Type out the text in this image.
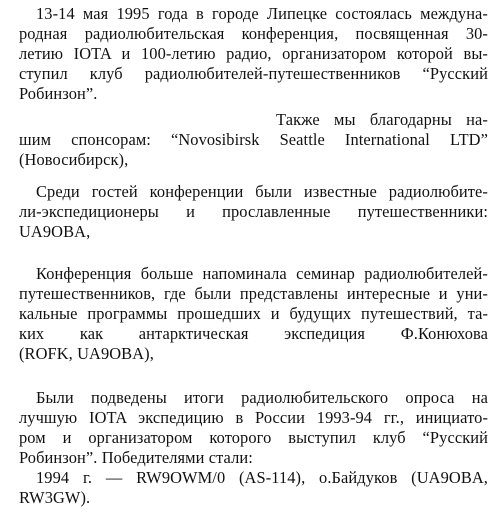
13-14 мая 1995 года в городе Липецке состоялась междуна-
родная радиолюбительская конференция, посвященная 30-
летию IOTA и 100-летию радио, организатором которой вы-
ступил клуб радиолюбителей-путешественников “Русский
Робинзон”.
Также мы благодарны на-
шим спонсорам: “Novosibirsk Seattle International LTD”
(Новосибирск),
Среди гостей конференции были известные радиолюбите-
ли-экспедиционеры и прославленные путешественники:
UA9OBA,
Конференция больше напоминала семинар радиолюбителей-
путешественников, где были представлены интересные и уни-
кальные программы прошедших и будущих путешествий, та-
ких как антарктическая экспедиция Ф.Конюхова
(ROFK, UA9OBA),
Были подведены итоги радиолюбительского опроса на
лучшую IOTA экспедицию в России 1993-94 гг., инициато-
ром и организатором которого выступил клуб “Русский
Робинзон”. Победителями стали:
1994 г. — RW9OWM/0 (AS-114), о.Байдуков (UA9OBA,
RW3GW).
